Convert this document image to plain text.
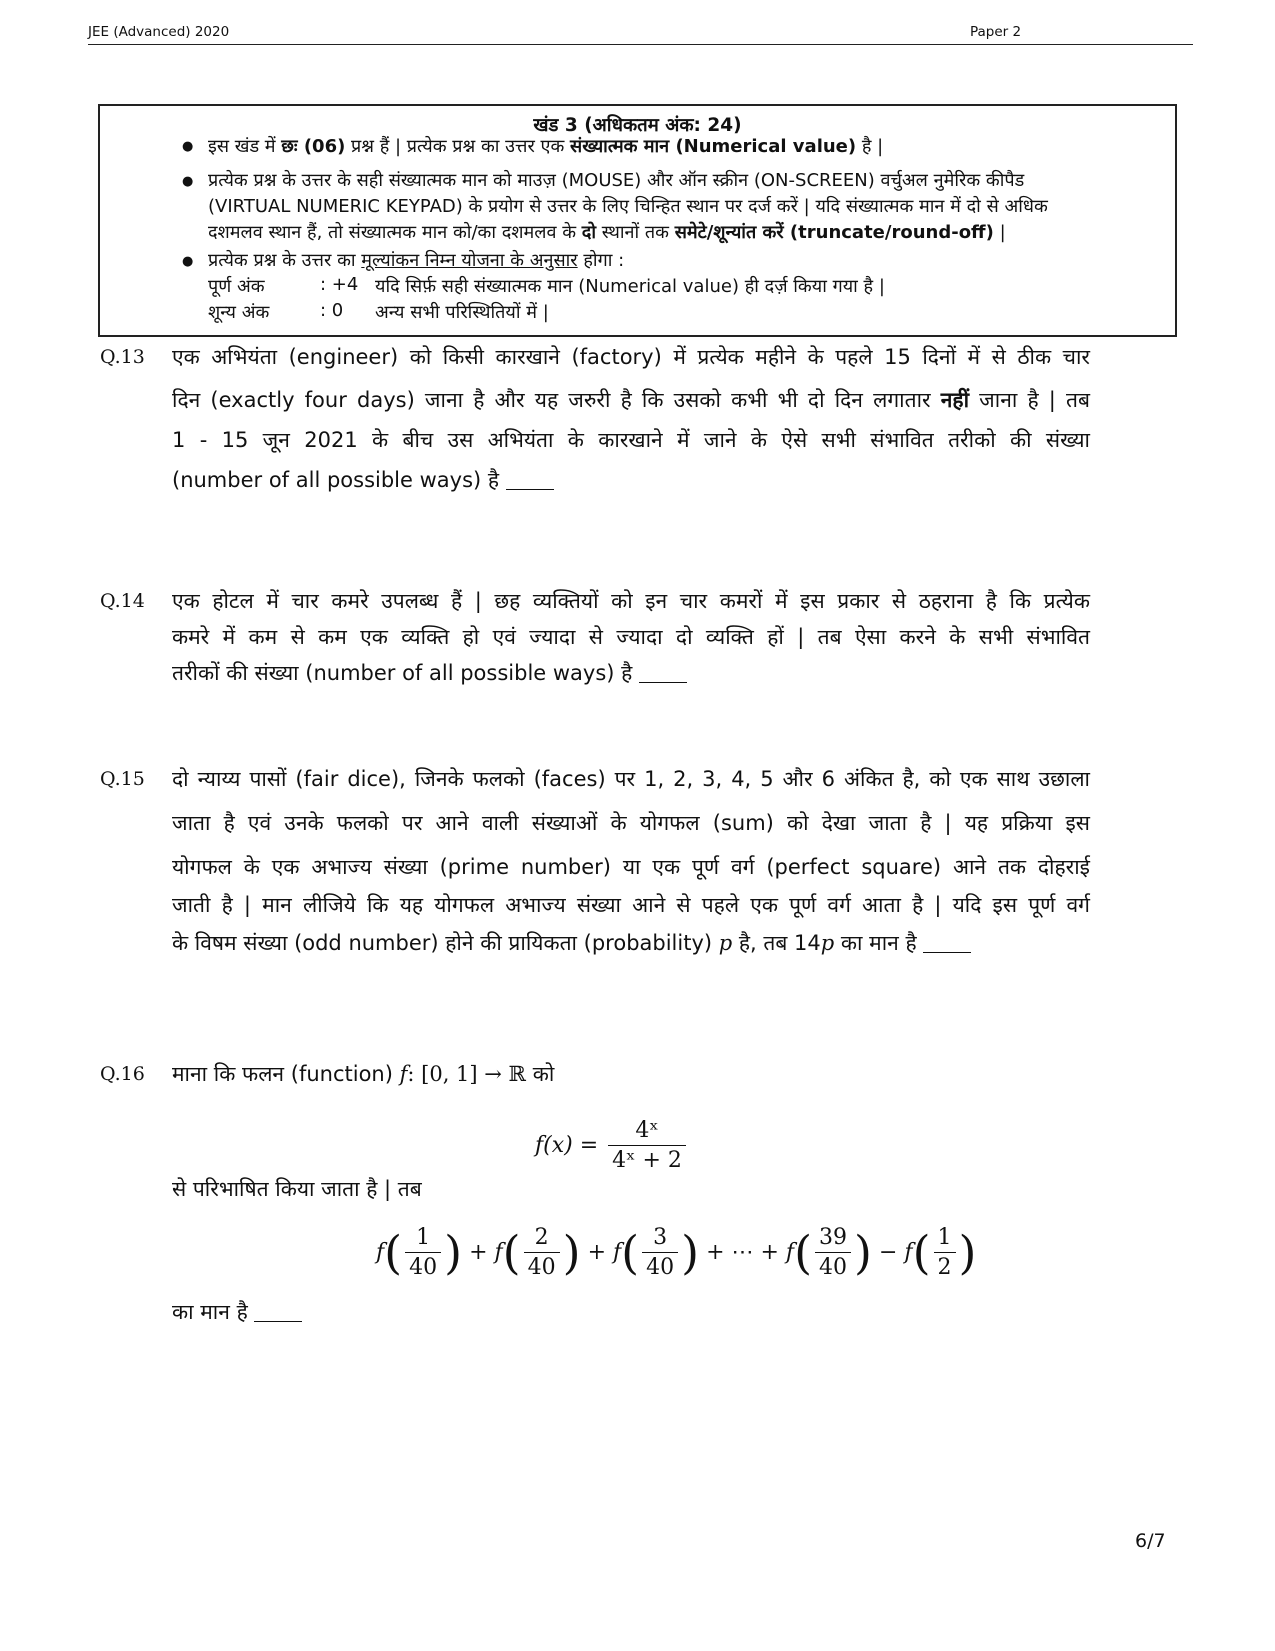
JEE (Advanced) 2020	Paper 2
खंड 3 (अधिकतम अंक: 24)
● इस खंड में छः (06) प्रश्न हैं | प्रत्येक प्रश्न का उत्तर एक संख्यात्मक मान (Numerical value) है |
● प्रत्येक प्रश्न के उत्तर के सही संख्यात्मक मान को माउज़ (MOUSE) और ऑन स्क्रीन (ON-SCREEN) वर्चुअल नुमेरिक कीपैड
(VIRTUAL NUMERIC KEYPAD) के प्रयोग से उत्तर के लिए चिन्हित स्थान पर दर्ज करें | यदि संख्यात्मक मान में दो से अधिक
दशमलव स्थान हैं, तो संख्यात्मक मान को/का दशमलव के दो स्थानों तक समेटे/शून्यांत करें (truncate/round-off) |
● प्रत्येक प्रश्न के उत्तर का मूल्यांकन निम्न योजना के अनुसार होगा :
पूर्ण अंक	: +4 यदि सिर्फ़ सही संख्यात्मक मान (Numerical value) ही दर्ज़ किया गया है |
शून्य अंक	: 0 अन्य सभी परिस्थितियों में |
Q.13 एक अभियंता (engineer) को किसी कारखाने (factory) में प्रत्येक महीने के पहले 15 दिनों में से ठीक चार
दिन (exactly four days) जाना है और यह जरुरी है कि उसको कभी भी दो दिन लगातार नहीं जाना है | तब
1 - 15 जून 2021 के बीच उस अभियंता के कारखाने में जाने के ऐसे सभी संभावित तरीको की संख्या
(number of all possible ways) है
Q.14 एक होटल में चार कमरे उपलब्ध हैं | छह व्यक्तियों को इन चार कमरों में इस प्रकार से ठहराना है कि प्रत्येक
कमरे में कम से कम एक व्यक्ति हो एवं ज्यादा से ज्यादा दो व्यक्ति हों | तब ऐसा करने के सभी संभावित
तरीकों की संख्या (number of all possible ways) है
Q.15 दो न्याय्य पासों (fair dice), जिनके फलको (faces) पर 1, 2, 3, 4, 5 और 6 अंकित है, को एक साथ उछाला
जाता है एवं उनके फलको पर आने वाली संख्याओं के योगफल (sum) को देखा जाता है | यह प्रक्रिया इस
योगफल के एक अभाज्य संख्या (prime number) या एक पूर्ण वर्ग (perfect square) आने तक दोहराई
जाती है | मान लीजिये कि यह योगफल अभाज्य संख्या आने से पहले एक पूर्ण वर्ग आता है | यदि इस पूर्ण वर्ग
के विषम संख्या (odd number) होने की प्रायिकता (probability) p है, तब 14p का मान है
Q.16 माना कि फलन (function) f: [0, 1] → ℝ को
$f(x) = \frac{\text{4ˣ}}{\text{4ˣ + 2}}$
से परिभाषित किया जाता है | तब
$f( \frac{1}{40}$ ) + $f( \frac{2}{40}$ ) + $f( \frac{3}{40}$ ) + ⋯ + $f( \frac{39}{40}$ ) − $f( \frac{1}{2}$ )
का मान है
6/7
